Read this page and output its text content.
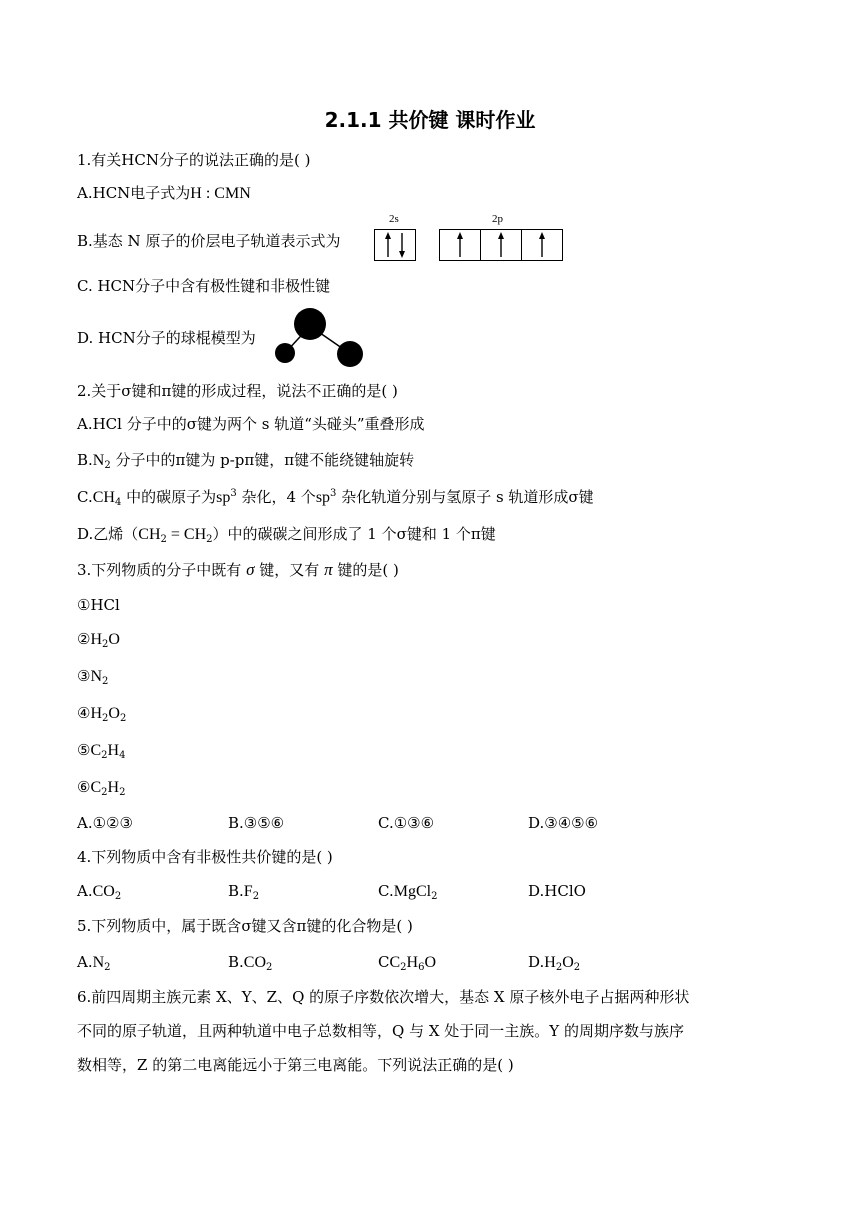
2.1.1 共价键 课时作业
1.有关HCN分子的说法正确的是( )
A.HCN电子式为H : CMN
B.基态 N 原子的价层电子轨道表示式为
2s	2p
C. HCN分子中含有极性键和非极性键
D. HCN分子的球棍模型为
2.关于σ键和π键的形成过程，说法不正确的是( )
A.HCl 分子中的σ键为两个 s 轨道“头碰头”重叠形成
$B.N_2$ 分子中的π键为 p-pπ键，π键不能绕键轴旋转
$C.CH_4$ 中的碳原子为$sp^3$ 杂化，4 个$sp^3$ 杂化轨道分别与氢原子 s 轨道形成σ键
D.乙烯$(CH_2 = CH_2)$中的碳碳之间形成了 1 个σ键和 1 个π键
3.下列物质的分子中既有 σ 键，又有 π 键的是( )
①HCl
$②H_2O$
$③N_2$
$④H_2O_2$
$⑤C_2H_4$
$⑥C_2H_2$
A.①②③	B.③⑤⑥	C.①③⑥	D.③④⑤⑥
4.下列物质中含有非极性共价键的是( )
$A.CO_2$	$B.F_2$	C.MgCl$_2$	D.HClO
5.下列物质中，属于既含σ键又含π键的化合物是( )
$A.N_2$	$B.CO_2$	$CC_2H_6O$	$D.H_2O_2$
6.前四周期主族元素 X、Y、Z、Q 的原子序数依次增大，基态 X 原子核外电子占据两种形状
不同的原子轨道，且两种轨道中电子总数相等，Q 与 X 处于同一主族。Y 的周期序数与族序
数相等，Z 的第二电离能远小于第三电离能。下列说法正确的是( )
